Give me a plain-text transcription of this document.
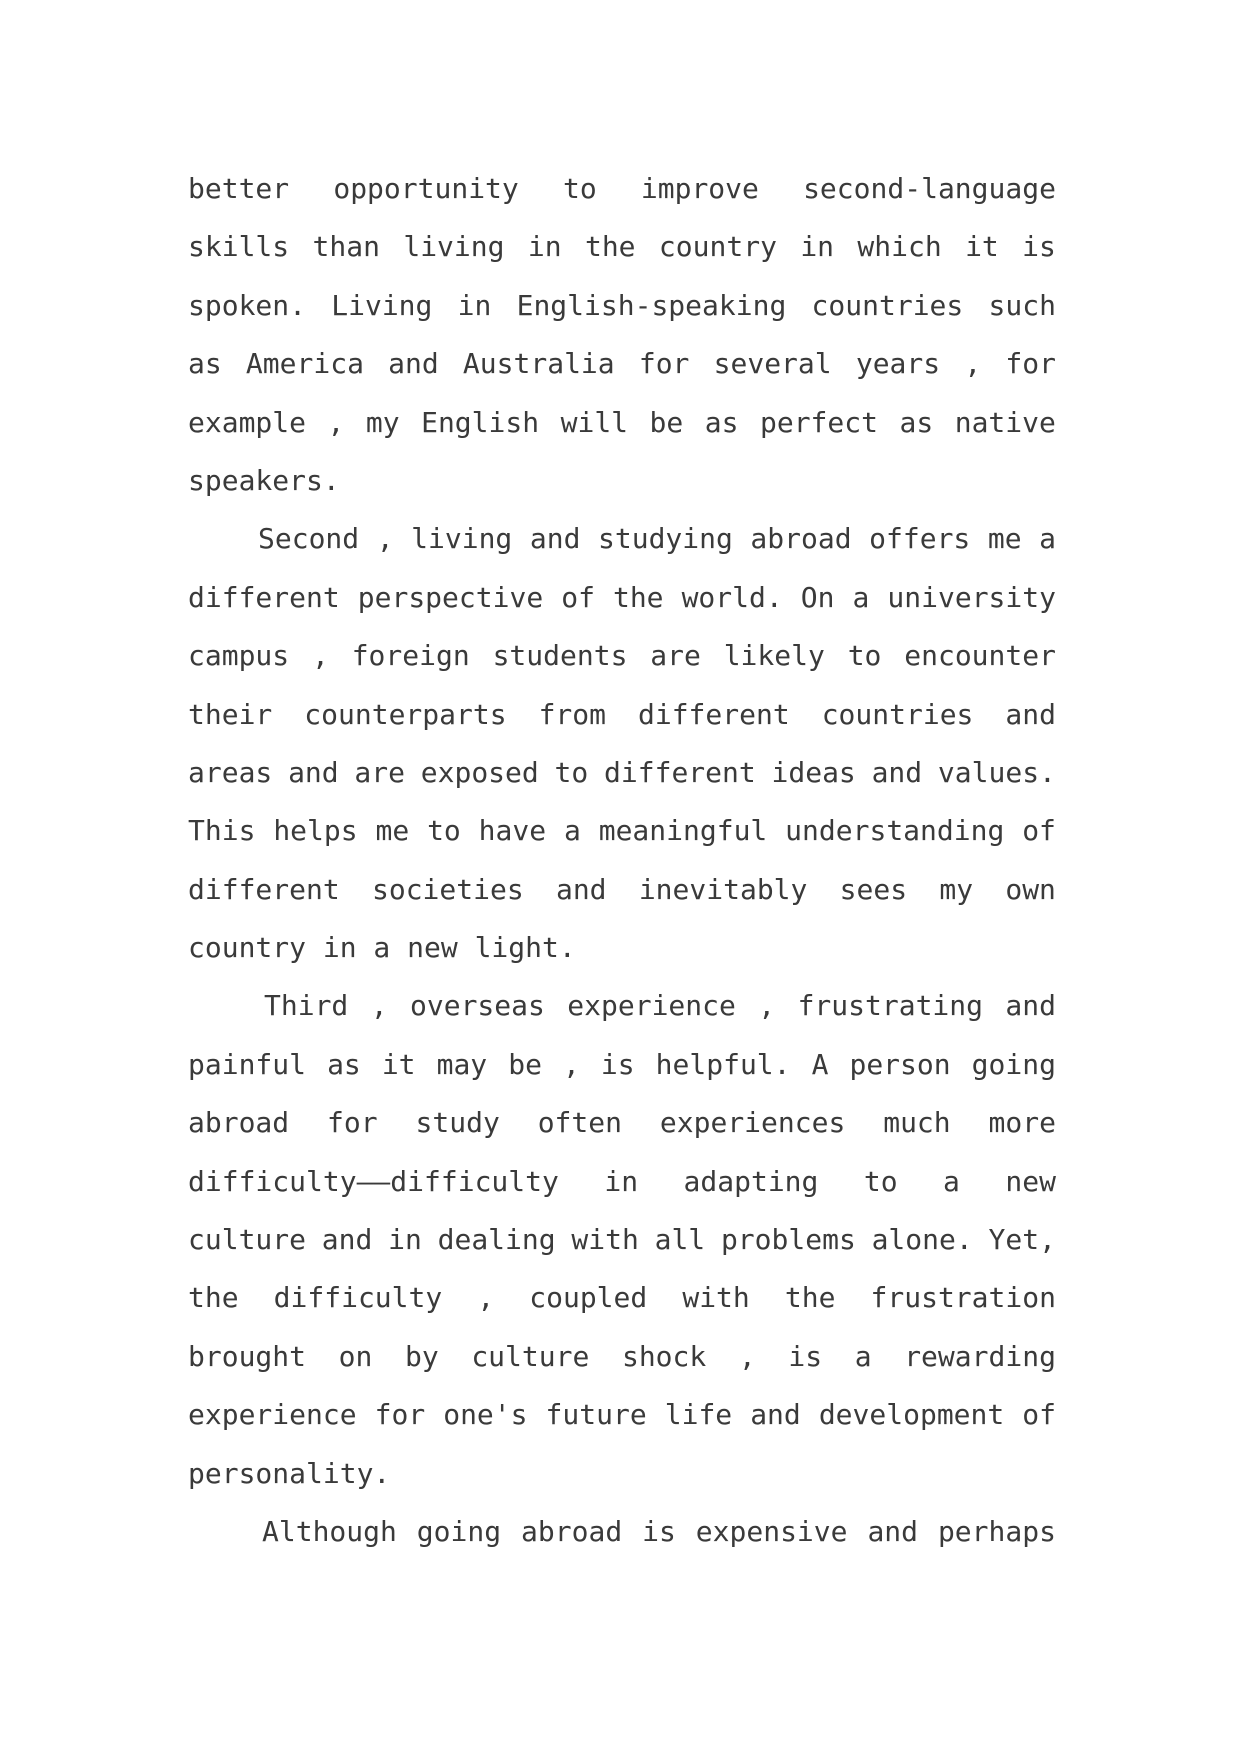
better opportunity to improve second-language
skills than living in the country in which it is
spoken. Living in English-speaking countries such
as America and Australia for several years , for
example , my English will be as perfect as native
speakers.
Second , living and studying abroad offers me a
different perspective of the world. On a university
campus , foreign students are likely to encounter
their counterparts from different countries and
areas and are exposed to different ideas and values.
This helps me to have a meaningful understanding of
different societies and inevitably sees my own
country in a new light.
Third , overseas experience , frustrating and
painful as it may be , is helpful. A person going
abroad for study often experiences much more
difficulty——difficulty in adapting to a new
culture and in dealing with all problems alone. Yet,
the difficulty , coupled with the frustration
brought on by culture shock , is a rewarding
experience for one's future life and development of
personality.
Although going abroad is expensive and perhaps
